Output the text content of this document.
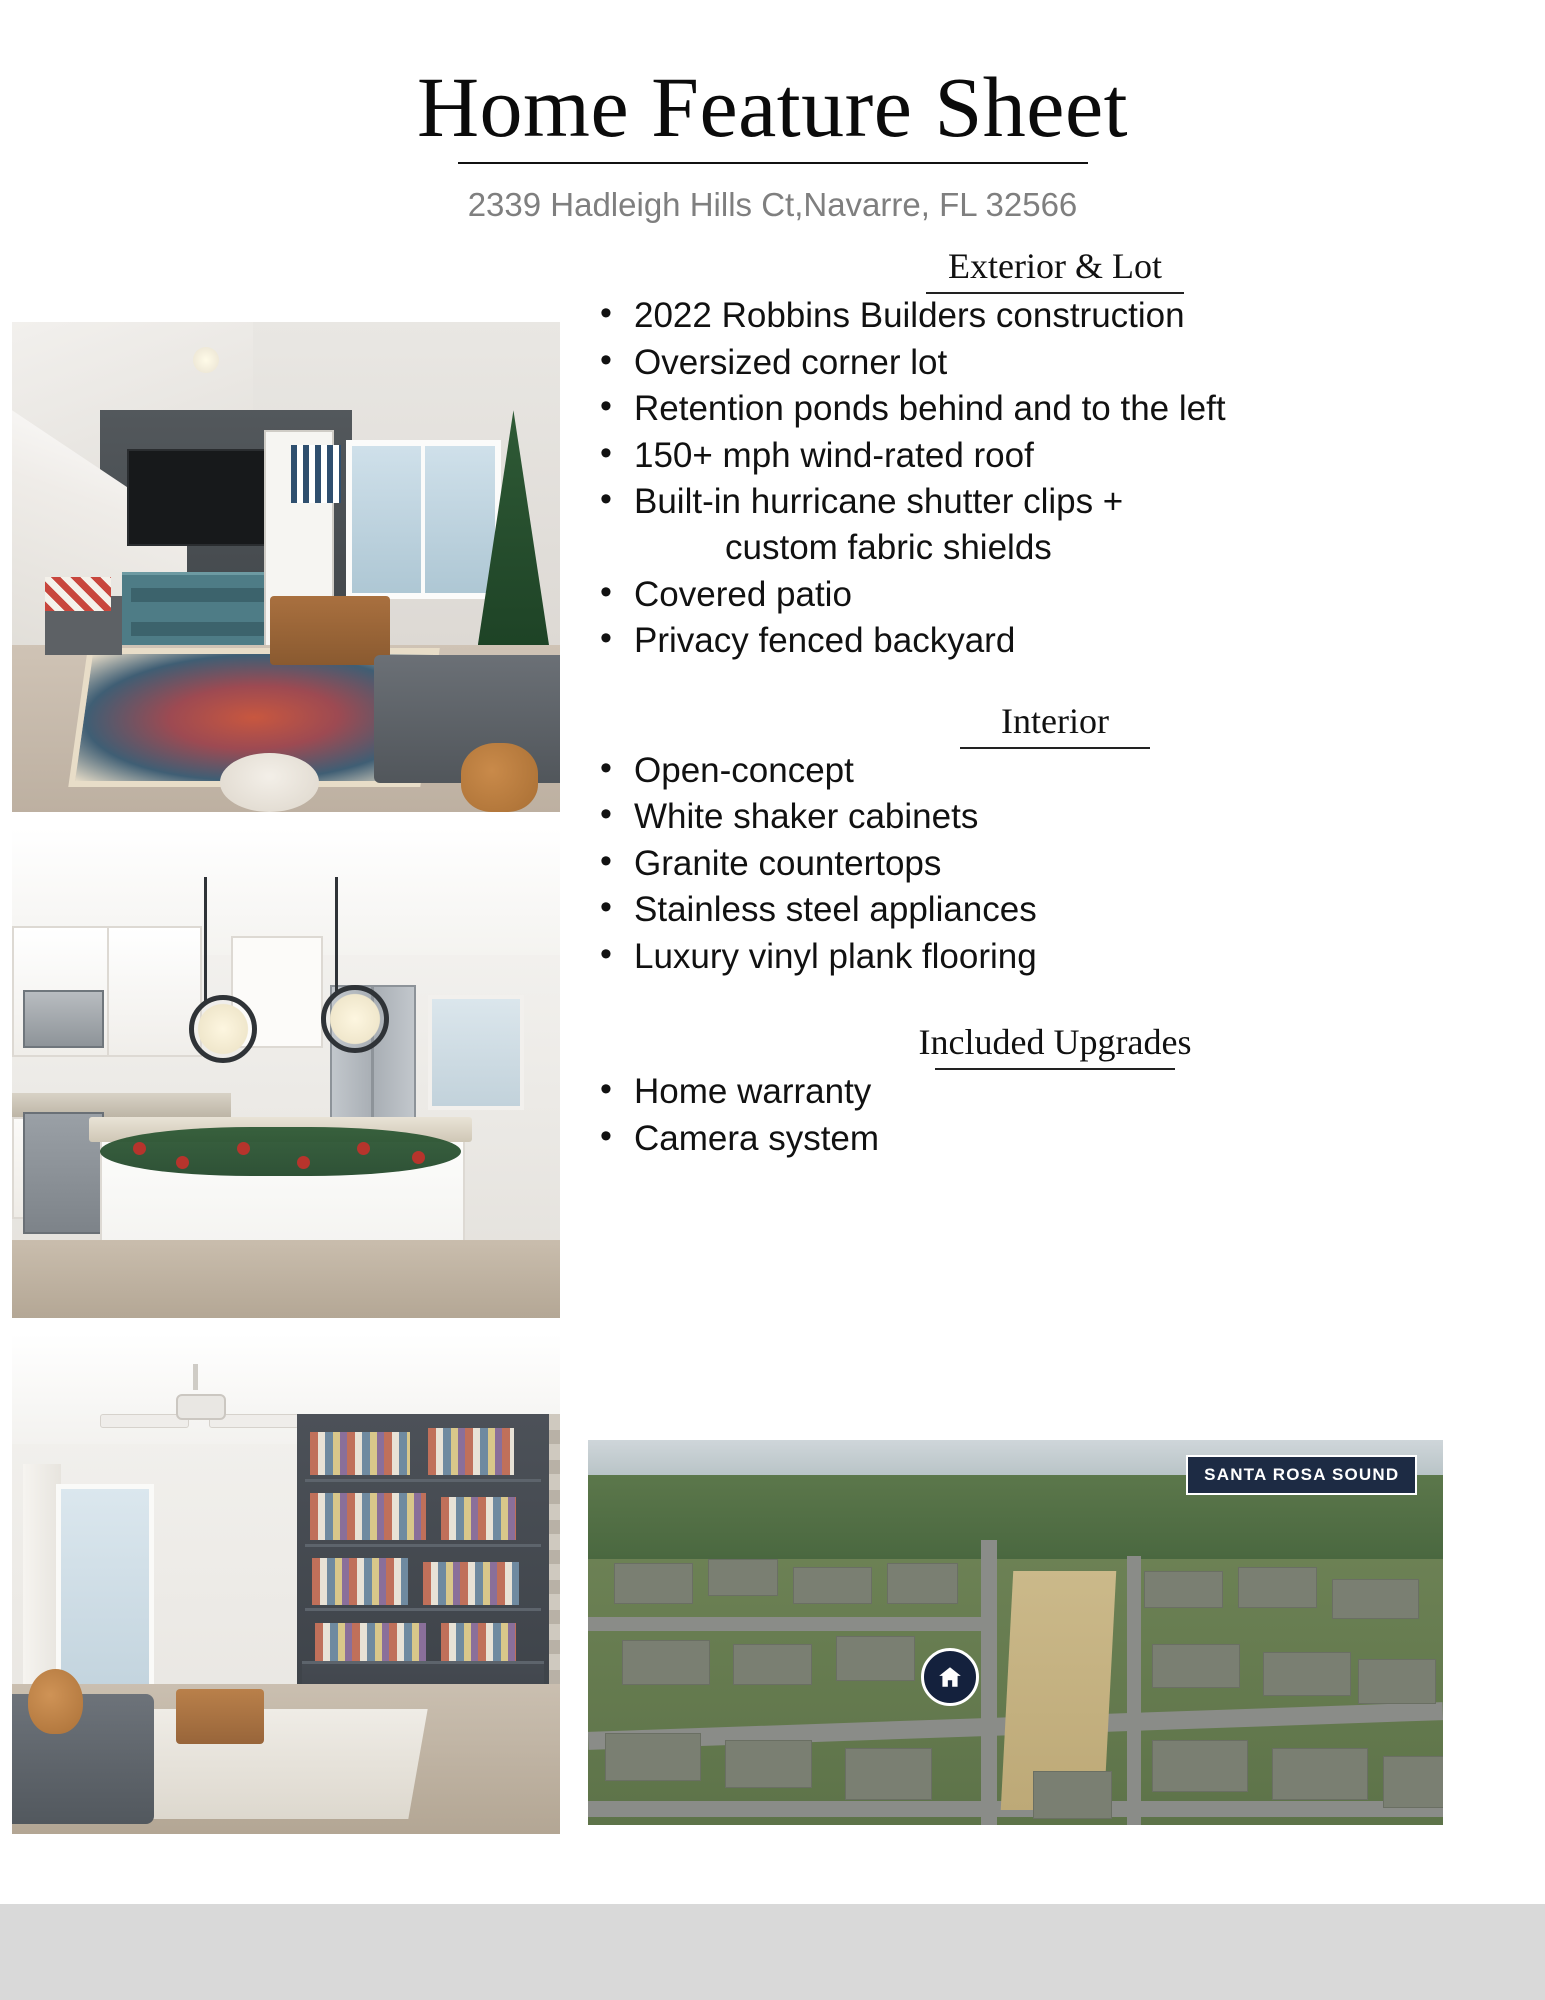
Home Feature Sheet
2339 Hadleigh Hills Ct,Navarre, FL 32566
Exterior & Lot
• 2022 Robbins Builders construction
• Oversized corner lot
• Retention ponds behind and to the left
• 150+ mph wind-rated roof
• Built-in hurricane shutter clips +
custom fabric shields
• Covered patio
• Privacy fenced backyard
Interior
• Open-concept
• White shaker cabinets
• Granite countertops
• Stainless steel appliances
• Luxury vinyl plank flooring
Included Upgrades
• Home warranty
• Camera system
SANTA ROSA SOUND
